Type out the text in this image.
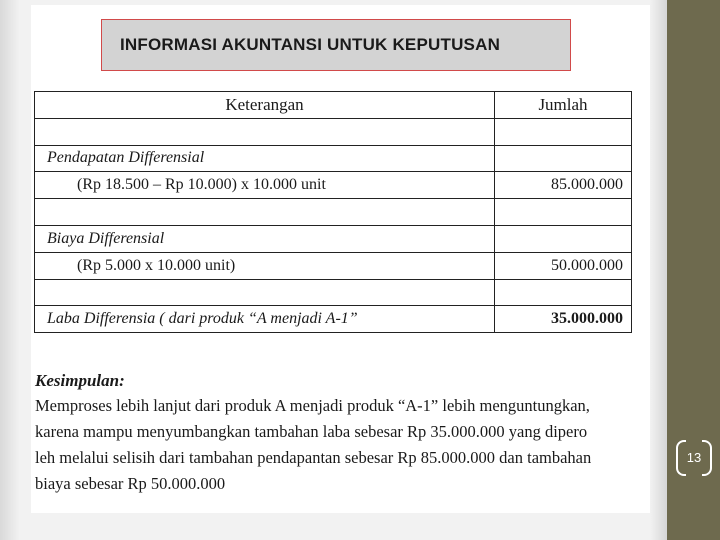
INFORMASI AKUNTANSI UNTUK KEPUTUSAN
Keterangan	Jumlah

Pendapatan Differensial	
(Rp 18.500 – Rp 10.000) x 10.000 unit	85.000.000

Biaya Differensial	
(Rp 5.000 x 10.000 unit)	50.000.000

Laba Differensia ( dari produk “A menjadi A-1”	35.000.000
Kesimpulan:
Memproses lebih lanjut dari produk A menjadi produk “A-1” lebih menguntungkan,
karena mampu menyumbangkan tambahan laba sebesar Rp 35.000.000 yang dipero
leh melalui selisih dari tambahan pendapantan sebesar Rp 85.000.000 dan tambahan
biaya sebesar Rp 50.000.000
13
